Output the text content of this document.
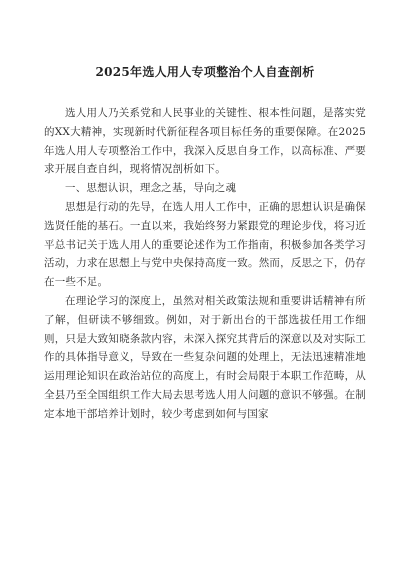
2025年选人用人专项整治个人自查剖析

选人用人乃关系党和人民事业的关键性、根本性问题，是落实党的XX大精神，实现新时代新征程各项目标任务的重要保障。在2025年选人用人专项整治工作中，我深入反思自身工作，以高标准、严要求开展自查自纠，现将情况剖析如下。

一、思想认识，理念之基，导向之魂

思想是行动的先导，在选人用人工作中，正确的思想认识是确保选贤任能的基石。一直以来，我始终努力紧跟党的理论步伐，将习近平总书记关于选人用人的重要论述作为工作指南，积极参加各类学习活动，力求在思想上与党中央保持高度一致。然而，反思之下，仍存在一些不足。

在理论学习的深度上，虽然对相关政策法规和重要讲话精神有所了解，但研读不够细致。例如，对于新出台的干部选拔任用工作细则，只是大致知晓条款内容，未深入探究其背后的深意以及对实际工作的具体指导意义，导致在一些复杂问题的处理上，无法迅速精准地运用理论知识在政治站位的高度上，有时会局限于本职工作范畴，从全县乃至全国组织工作大局去思考选人用人问题的意识不够强。在制定本地干部培养计划时，较少考虑到如何与国家
